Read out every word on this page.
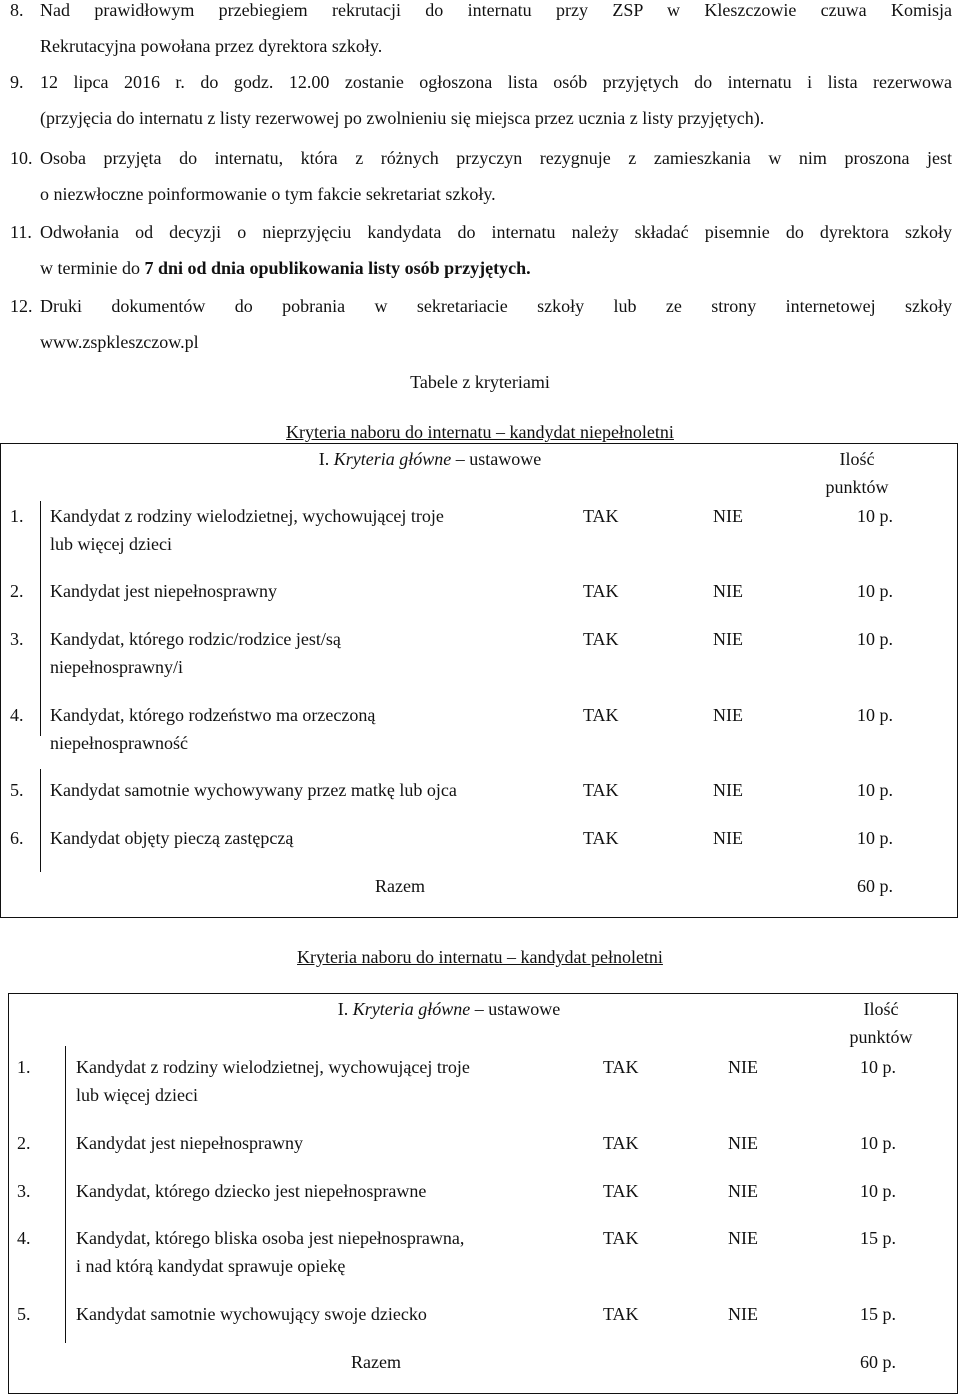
8. Nad prawidłowym przebiegiem rekrutacji do internatu przy ZSP w Kleszczowie czuwa Komisja
Rekrutacyjna powołana przez dyrektora szkoły.
9. 12 lipca 2016 r. do godz. 12.00 zostanie ogłoszona lista osób przyjętych do internatu i lista rezerwowa
(przyjęcia do internatu z listy rezerwowej po zwolnieniu się miejsca przez ucznia z listy przyjętych).
10. Osoba przyjęta do internatu, która z różnych przyczyn rezygnuje z zamieszkania w nim proszona jest
o niezwłoczne poinformowanie o tym fakcie sekretariat szkoły.
11. Odwołania od decyzji o nieprzyjęciu kandydata do internatu należy składać pisemnie do dyrektora szkoły
w terminie do 7 dni od dnia opublikowania listy osób przyjętych.
12. Druki dokumentów do pobrania w sekretariacie szkoły lub ze strony internetowej szkoły
www.zspkleszczow.pl
Tabele z kryteriami
Kryteria naboru do internatu – kandydat niepełnoletni
I. Kryteria główne – ustawowe	Ilość
punktów
1. Kandydat z rodziny wielodzietnej, wychowującej troje
lub więcej dzieci
TAK	NIE	10 p.
2. Kandydat jest niepełnosprawny	TAK	NIE	10 p.
3. Kandydat, którego rodzic/rodzice jest/są
niepełnosprawny/i
TAK	NIE	10 p.
4. Kandydat, którego rodzeństwo ma orzeczoną
niepełnosprawność
TAK	NIE	10 p.
5. Kandydat samotnie wychowywany przez matkę lub ojca	TAK	NIE	10 p.
6. Kandydat objęty pieczą zastępczą	TAK	NIE	10 p.
Razem	60 p.
Kryteria naboru do internatu – kandydat pełnoletni
I. Kryteria główne – ustawowe	Ilość
punktów
1.	Kandydat z rodziny wielodzietnej, wychowującej troje
lub więcej dzieci
TAK	NIE	10 p.
2.	Kandydat jest niepełnosprawny	TAK	NIE	10 p.
3.	Kandydat, którego dziecko jest niepełnosprawne	TAK	NIE	10 p.
4.	Kandydat, którego bliska osoba jest niepełnosprawna,
i nad którą kandydat sprawuje opiekę
TAK	NIE	15 p.
5.	Kandydat samotnie wychowujący swoje dziecko	TAK	NIE	15 p.
Razem	60 p.
